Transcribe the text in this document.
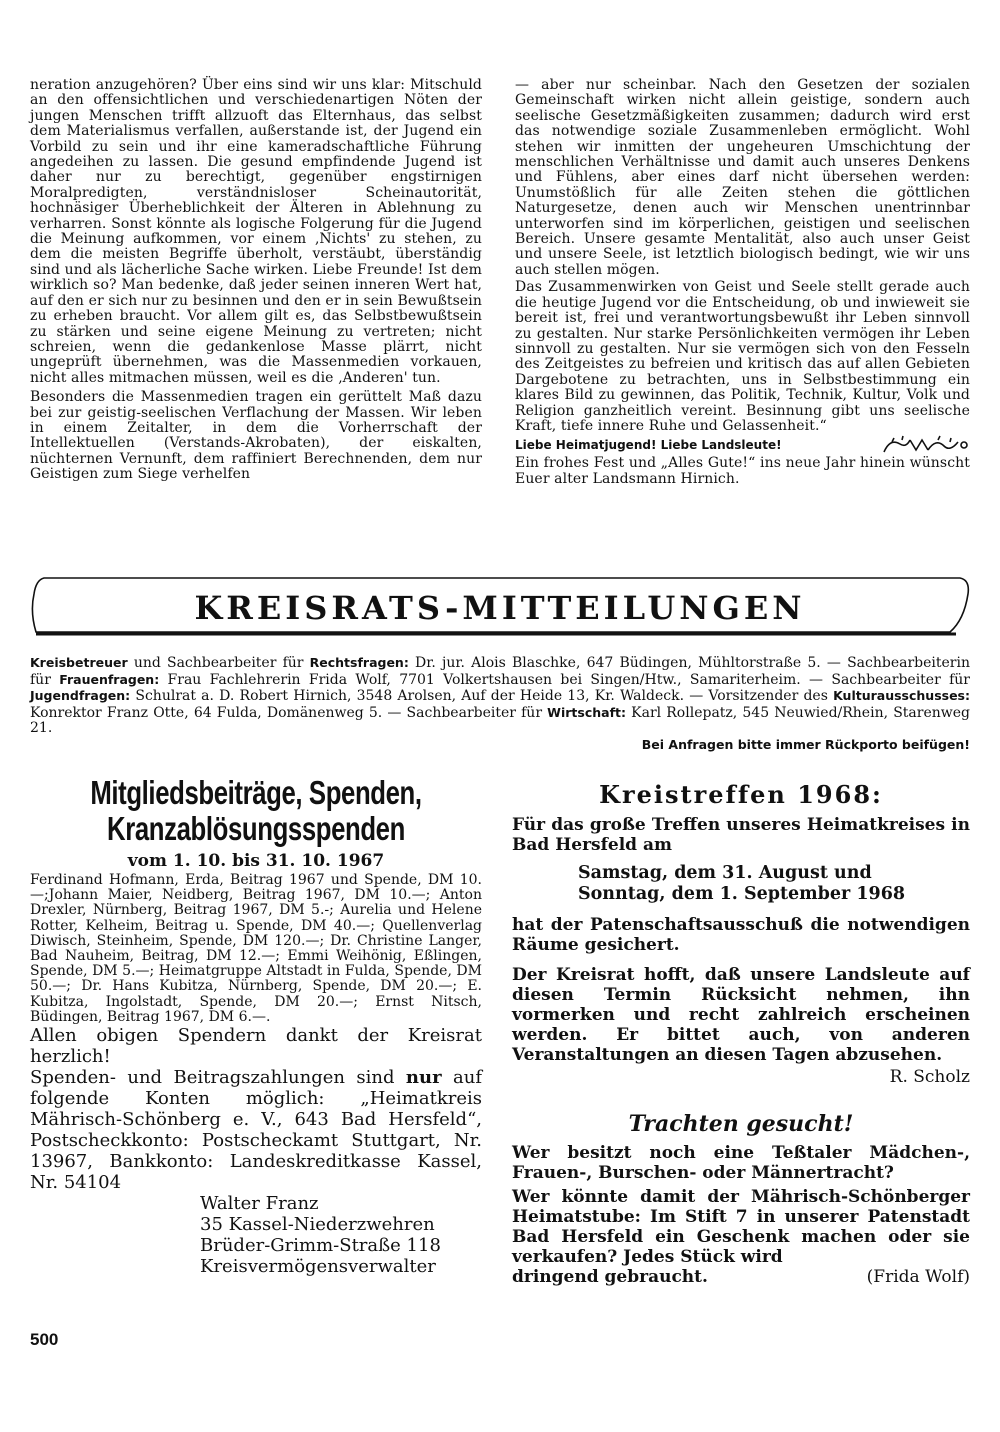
neration anzugehören? Über eins sind wir uns klar: Mitschuld an den offensichtlichen und verschiedenartigen Nöten der jungen Menschen trifft allzuoft das Elternhaus, das selbst dem Materialismus verfallen, außerstande ist, der Jugend ein Vorbild zu sein und ihr eine kameradschaftliche Führung angedeihen zu lassen. Die gesund empfindende Jugend ist daher nur zu berechtigt, gegenüber engstirnigen Moralpredigten, verständnisloser Scheinautorität, hochnäsiger Überheblichkeit der Älteren in Ablehnung zu verharren. Sonst könnte als logische Folgerung für die Jugend die Meinung aufkommen, vor einem ‚Nichts' zu stehen, zu dem die meisten Begriffe überholt, verstäubt, überständig sind und als lächerliche Sache wirken. Liebe Freunde! Ist dem wirklich so? Man bedenke, daß jeder seinen inneren Wert hat, auf den er sich nur zu besinnen und den er in sein Bewußtsein zu erheben braucht. Vor allem gilt es, das Selbstbewußtsein zu stärken und seine eigene Meinung zu vertreten; nicht schreien, wenn die gedankenlose Masse plärrt, nicht ungeprüft übernehmen, was die Massenmedien vorkauen, nicht alles mitmachen müssen, weil es die ‚Anderen' tun.

Besonders die Massenmedien tragen ein gerüttelt Maß dazu bei zur geistig-seelischen Verflachung der Massen. Wir leben in einem Zeitalter, in dem die Vorherrschaft der Intellektuellen (Verstands-Akrobaten), der eiskalten, nüchternen Vernunft, dem raffiniert Berechnenden, dem nur Geistigen zum Siege verhelfen

— aber nur scheinbar. Nach den Gesetzen der sozialen Gemeinschaft wirken nicht allein geistige, sondern auch seelische Gesetzmäßigkeiten zusammen; dadurch wird erst das notwendige soziale Zusammenleben ermöglicht. Wohl stehen wir inmitten der ungeheuren Umschichtung der menschlichen Verhältnisse und damit auch unseres Denkens und Fühlens, aber eines darf nicht übersehen werden: Unumstößlich für alle Zeiten stehen die göttlichen Naturgesetze, denen auch wir Menschen unentrinnbar unterworfen sind im körperlichen, geistigen und seelischen Bereich. Unsere gesamte Mentalität, also auch unser Geist und unsere Seele, ist letztlich biologisch bedingt, wie wir uns auch stellen mögen.

Das Zusammenwirken von Geist und Seele stellt gerade auch die heutige Jugend vor die Entscheidung, ob und inwieweit sie bereit ist, frei und verantwortungsbewußt ihr Leben sinnvoll zu gestalten. Nur starke Persönlichkeiten vermögen ihr Leben sinnvoll zu gestalten. Nur sie vermögen sich von den Fesseln des Zeitgeistes zu befreien und kritisch das auf allen Gebieten Dargebotene zu betrachten, uns in Selbstbestimmung ein klares Bild zu gewinnen, das Politik, Technik, Kultur, Volk und Religion ganzheitlich vereint. Besinnung gibt uns seelische Kraft, tiefe innere Ruhe und Gelassenheit.“

Liebe Heimatjugend! Liebe Landsleute!

Ein frohes Fest und „Alles Gute!“ ins neue Jahr hinein wünscht Euer alter Landsmann Hirnich.

KREISRATS-MITTEILUNGEN

Kreisbetreuer und Sachbearbeiter für Rechtsfragen: Dr. jur. Alois Blaschke, 647 Büdingen, Mühltorstraße 5. — Sachbearbeiterin für Frauenfragen: Frau Fachlehrerin Frida Wolf, 7701 Volkertshausen bei Singen/Htw., Samariterheim. — Sachbearbeiter für Jugendfragen: Schulrat a. D. Robert Hirnich, 3548 Arolsen, Auf der Heide 13, Kr. Waldeck. — Vorsitzender des Kulturausschusses: Konrektor Franz Otte, 64 Fulda, Domänenweg 5. — Sachbearbeiter für Wirtschaft: Karl Rollepatz, 545 Neuwied/Rhein, Starenweg 21.

Bei Anfragen bitte immer Rückporto beifügen!

Mitgliedsbeiträge, Spenden,

Kranzablösungsspenden

vom 1. 10. bis 31. 10. 1967

Ferdinand Hofmann, Erda, Beitrag 1967 und Spende, DM 10.—;Johann Maier, Neidberg, Beitrag 1967, DM 10.—; Anton Drexler, Nürnberg, Beitrag 1967, DM 5.-; Aurelia und Helene Rotter, Kelheim, Beitrag u. Spende, DM 40.—; Quellenverlag Diwisch, Steinheim, Spende, DM 120.—; Dr. Christine Langer, Bad Nauheim, Beitrag, DM 12.—; Emmi Weihönig, Eßlingen, Spende, DM 5.—; Heimatgruppe Altstadt in Fulda, Spende, DM 50.—; Dr. Hans Kubitza, Nürnberg, Spende, DM 20.—; E. Kubitza, Ingolstadt, Spende, DM 20.—; Ernst Nitsch, Büdingen, Beitrag 1967, DM 6.—.

Allen obigen Spendern dankt der Kreisrat herzlich!

Spenden- und Beitragszahlungen sind nur auf folgende Konten möglich: „Heimatkreis Mährisch-Schönberg e. V., 643 Bad Hersfeld“, Postscheckkonto: Postscheckamt Stuttgart, Nr. 13967, Bankkonto: Landeskreditkasse Kassel, Nr. 54104

Walter Franz

35 Kassel-Niederzwehren

Brüder-Grimm-Straße 118

Kreisvermögensverwalter

Kreistreffen 1968:

Für das große Treffen unseres Heimatkreises in Bad Hersfeld am

Samstag, dem 31. August und
Sonntag, dem 1. September 1968

hat der Patenschaftsausschuß die notwendigen Räume gesichert.

Der Kreisrat hofft, daß unsere Landsleute auf diesen Termin Rücksicht nehmen, ihn vormerken und recht zahlreich erscheinen werden. Er bittet auch, von anderen Veranstaltungen an diesen Tagen abzusehen.

R. Scholz

Trachten gesucht!

Wer besitzt noch eine Teßtaler Mädchen-, Frauen-, Burschen- oder Männertracht?

Wer könnte damit der Mährisch-Schönberger Heimatstube: Im Stift 7 in unserer Patenstadt Bad Hersfeld ein Geschenk machen oder sie verkaufen? Jedes Stück wird

dringend gebraucht.	(Frida Wolf)
500
